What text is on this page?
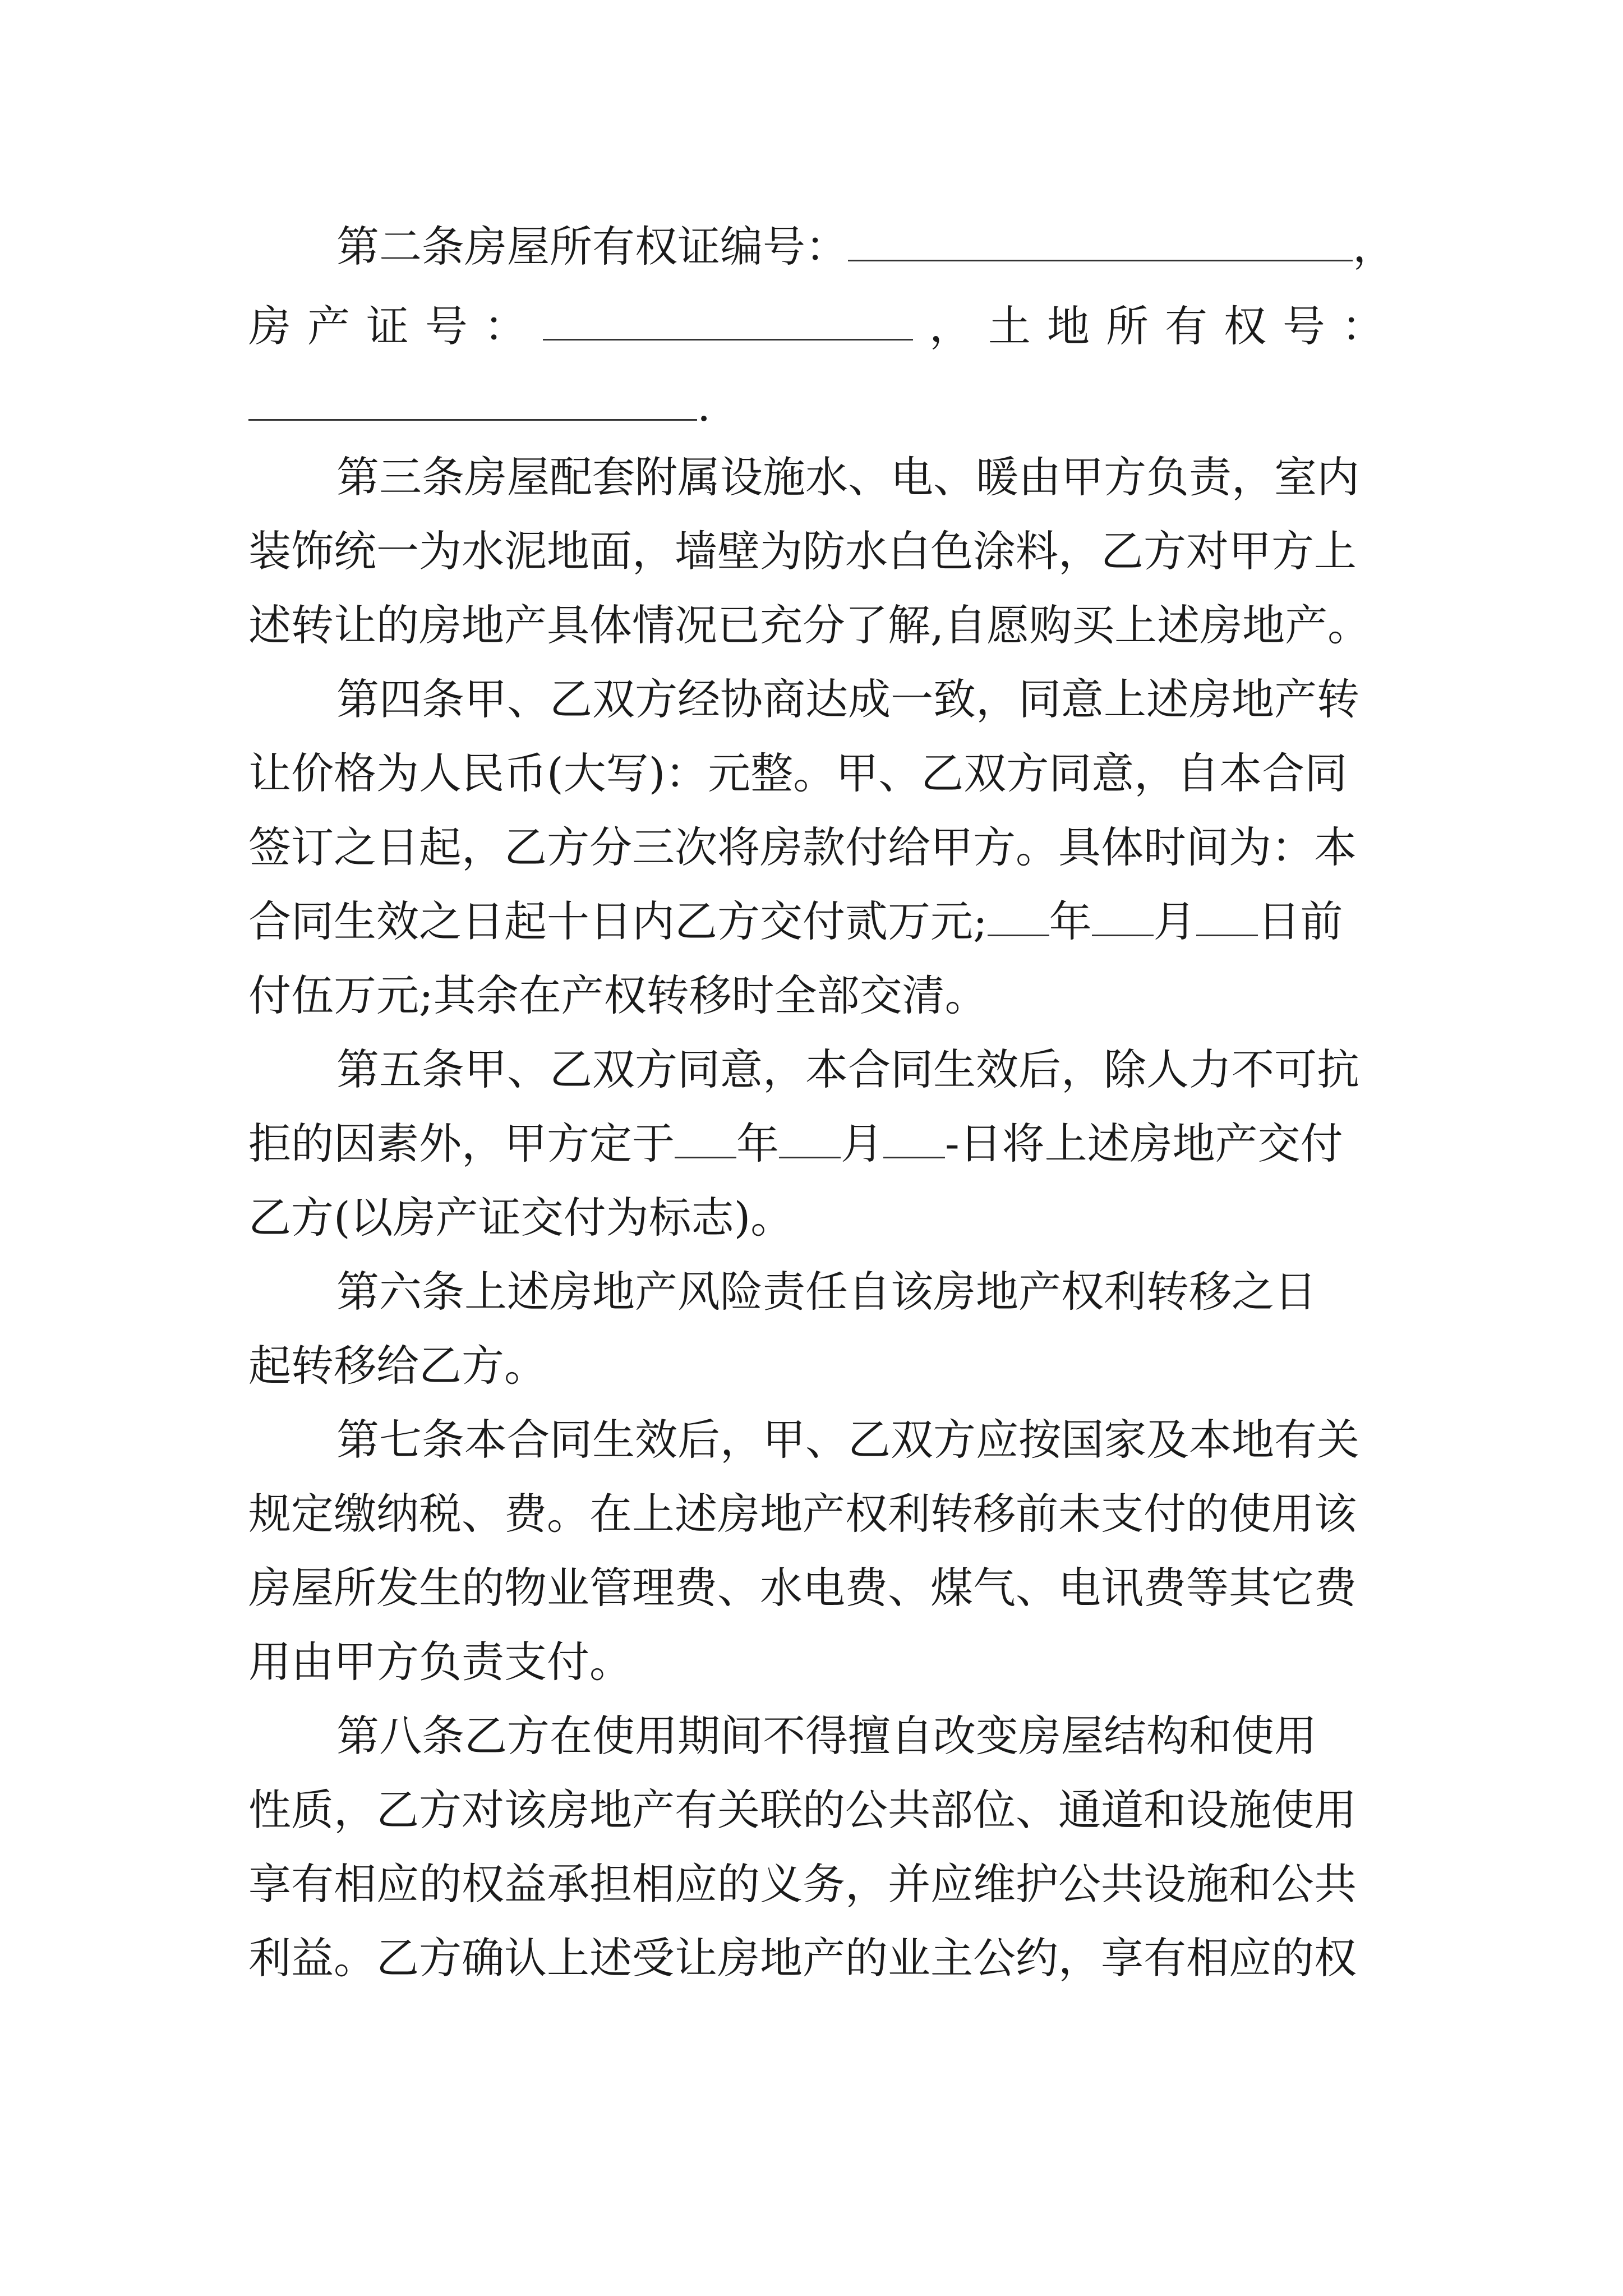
第二条房屋所有权证编号：	，
房 产 证 号 ：	， 土 地 所 有 权 号 ：
.
第三条房屋配套附属设施水、电、暖由甲方负责，室内
装饰统一为水泥地面，墙壁为防水白色涂料，乙方对甲方上
述转让的房地产具体情况已充分了解,自愿购买上述房地产。
第四条甲、乙双方经协商达成一致，同意上述房地产转
让价格为人民币(大写)：元整。甲、乙双方同意，自本合同
签订之日起，乙方分三次将房款付给甲方。具体时间为：本
合同生效之日起十日内乙方交付贰万元; 年 月 日前
付伍万元;其余在产权转移时全部交清。
第五条甲、乙双方同意，本合同生效后，除人力不可抗
拒的因素外，甲方定于 年 月 -日将上述房地产交付
乙方(以房产证交付为标志)。
第六条上述房地产风险责任自该房地产权利转移之日
起转移给乙方。
第七条本合同生效后，甲、乙双方应按国家及本地有关
规定缴纳税、费。在上述房地产权利转移前未支付的使用该
房屋所发生的物业管理费、水电费、煤气、电讯费等其它费
用由甲方负责支付。
第八条乙方在使用期间不得擅自改变房屋结构和使用
性质，乙方对该房地产有关联的公共部位、通道和设施使用
享有相应的权益承担相应的义务，并应维护公共设施和公共
利益。乙方确认上述受让房地产的业主公约，享有相应的权
